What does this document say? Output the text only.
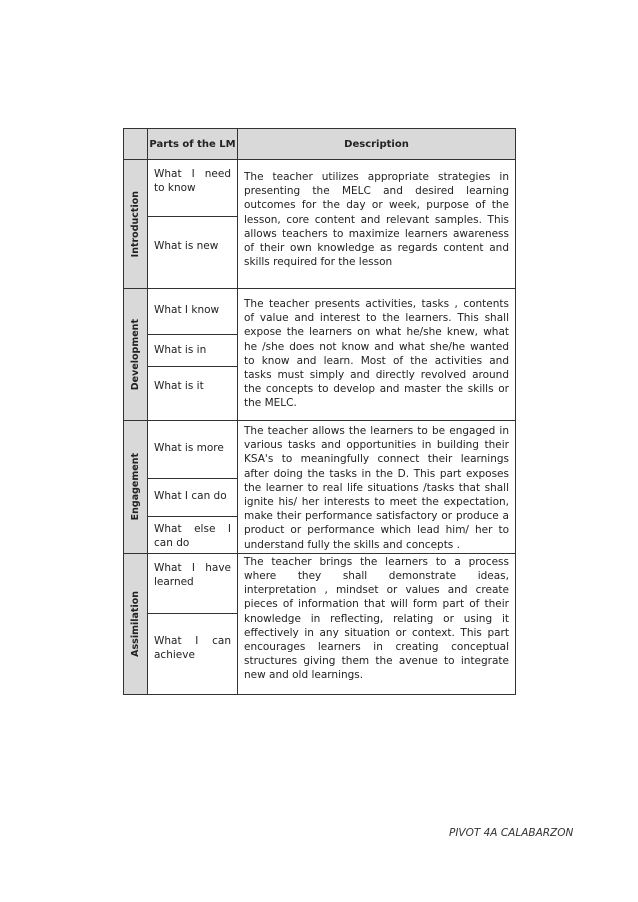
	Parts of the LM	Description

Introduction	What I need to know	The teacher utilizes appropriate strategies in presenting the MELC and desired learning outcomes for the day or week, purpose of the lesson, core content and relevant samples. This allows teachers to maximize learners awareness of their own knowledge as regards content and skills required for the lesson
	What is new	

Development	What I know	The teacher presents activities, tasks , contents of value and interest to the learners. This shall expose the learners on what he/she knew, what he /she does not know and what she/he wanted to know and learn. Most of the activities and tasks must simply and directly revolved around the concepts to develop and master the skills or the MELC.
	What is in	
	What is it	

Engagement	What is more	The teacher allows the learners to be engaged in various tasks and opportunities in building their KSA's to meaningfully connect their learnings after doing the tasks in the D. This part exposes the learner to real life situations /tasks that shall ignite his/ her interests to meet the expectation, make their performance satisfactory or produce a product or performance which lead him/ her to understand fully the skills and concepts .
	What I can do	
	What else I can do	

Assimilation	What I have learned	The teacher brings the learners to a process where they shall demonstrate ideas, interpretation , mindset or values and create pieces of information that will form part of their knowledge in reflecting, relating or using it effectively in any situation or context. This part encourages learners in creating conceptual structures giving them the avenue to integrate new and old learnings.
	What I can achieve	
PIVOT 4A CALABARZON
